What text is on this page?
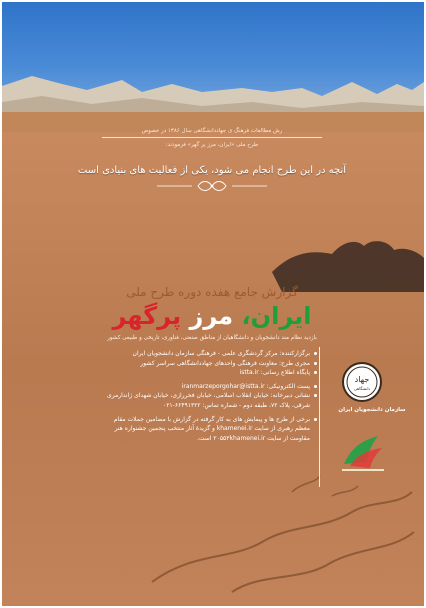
رش مطالعات فرهنگ ی جهاددانشگاهی سال ۱۳۸۶ در خصوص
طرح ملی «ایران، مرز پر گهر» فرمودند:
آنچه در این طرح انجام می شود، یکی از فعالیت های بنیادی است
گزارش جامع هفده دوره طرح ملی
ایران، مرز پرگهر
بازدید نظام مند دانشجویان و دانشگاهیان از مناطق صنعتی، فناوری، تاریخی و طبیعی کشور

برگزارکننده: مرکز گردشگری علمی - فرهنگی سازمان دانشجویان ایران

مجری طرح: معاونت فرهنگی واحدهای جهاددانشگاهی سراسر کشور

پایگاه اطلاع رسانی: istta.ir

پست الکترونیکی: iranmarzeporgohar@istta.ir

نشانی دبیرخانه: خیابان انقلاب اسلامی، خیابان فخررازی، خیابان شهدای ژاندارمری شرقی، پلاک ۷۲، طبقه دوم - شماره تماس: ۶۶۴۹۱۳۲۲-۰۲۱

برخی از طرح ها و پیمایش های به کار گرفته در گزارش با مضامین جملات مقام معظم رهبری از سایت khamenei.ir و گزیدهٔ آثار منتخب پنجمین جشنواره هنر مقاومت از سایت ۲۰۵۵۳khamenei.ir است.

جهاد
دانشگاهی
سازمان دانشجویان ایران
